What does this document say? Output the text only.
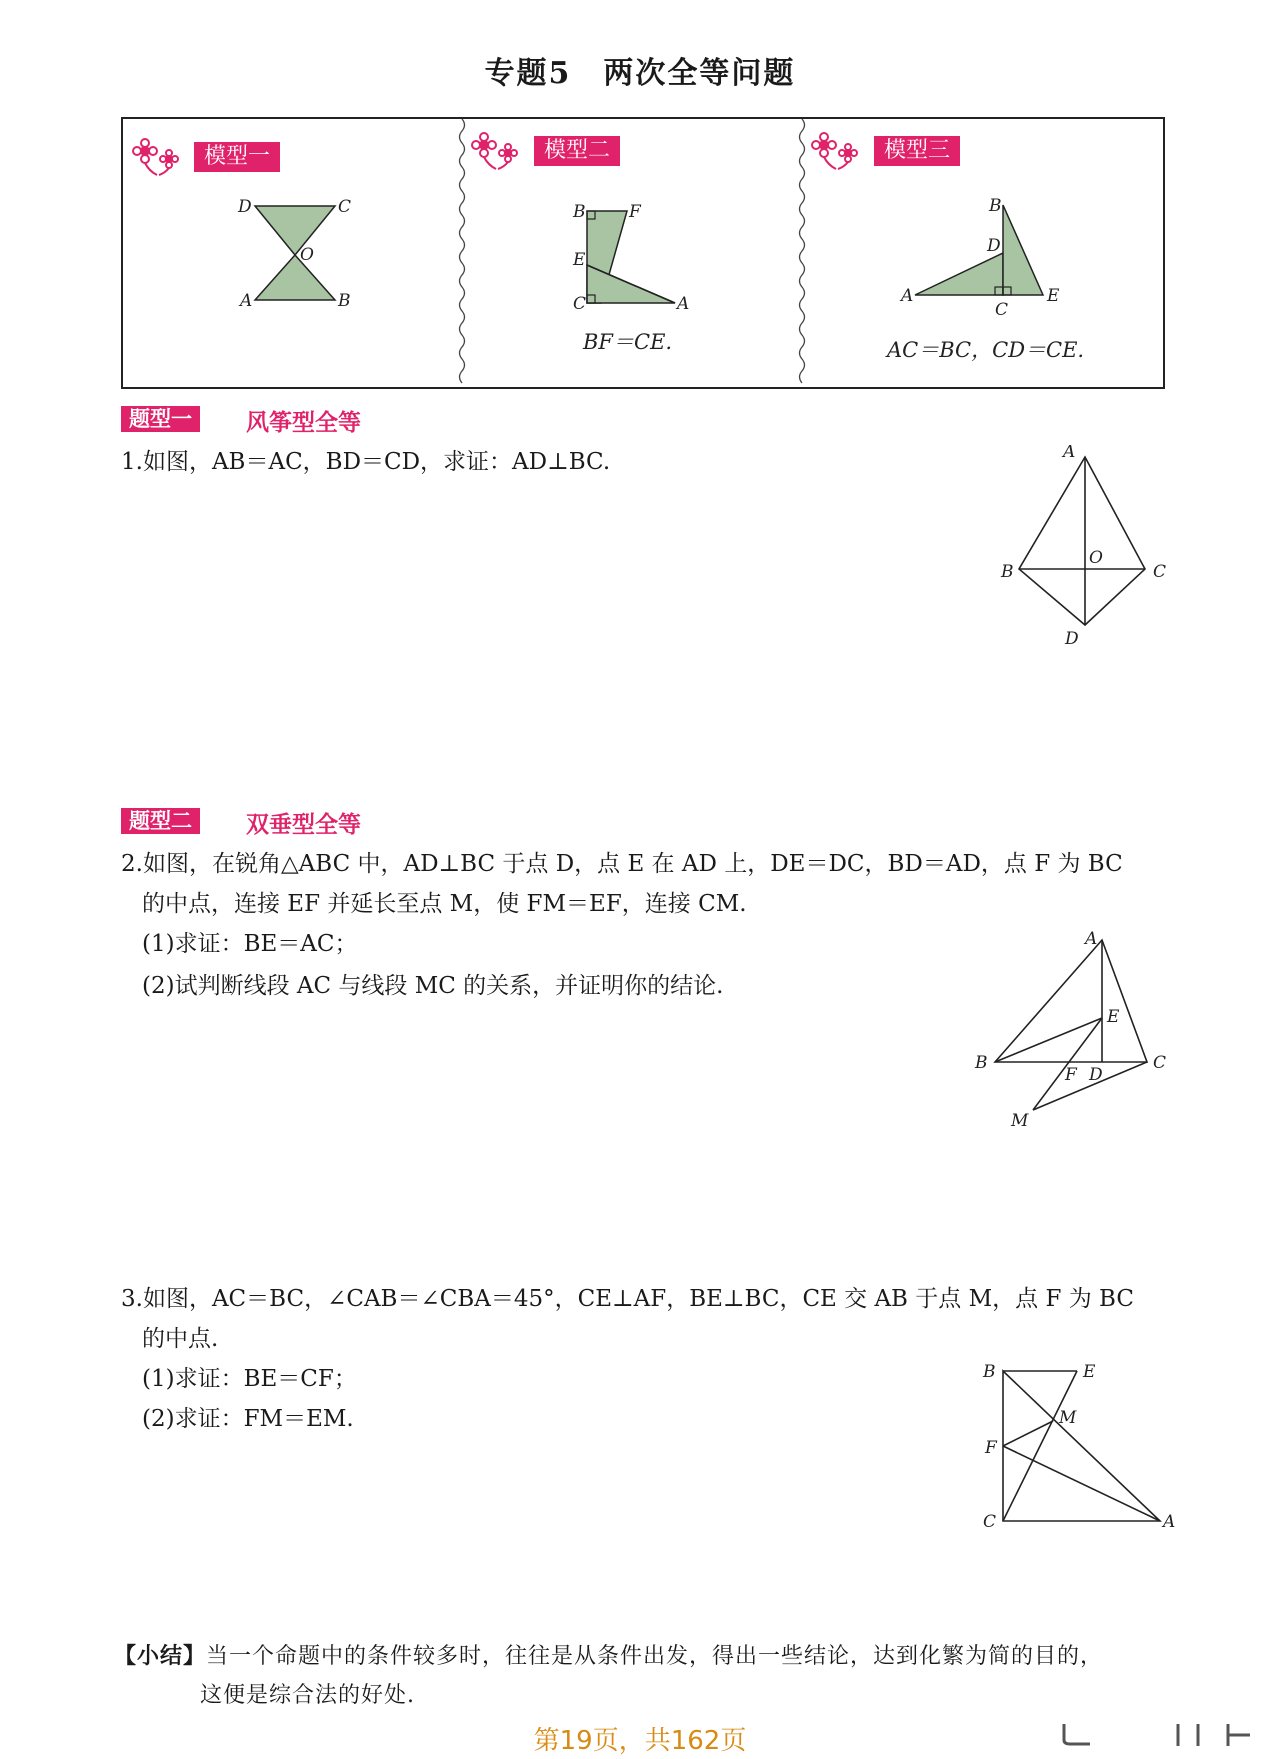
专题5　两次全等问题
模型一	模型二	模型三
D	C
O
A	B
B	F
E
C	A
BF＝CE.
B
D
A
C
E
AC＝BC，CD＝CE.
题型一	风筝型全等
1.如图，AB＝AC，BD＝CD，求证：AD⊥BC.	A
B
O
C
D
题型二	双垂型全等
2.如图，在锐角△ABC 中，AD⊥BC 于点 D，点 E 在 AD 上，DE＝DC，BD＝AD，点 F 为 BC
的中点，连接 EF 并延长至点 M，使 FM＝EF，连接 CM.
(1)求证：BE＝AC；
(2)试判断线段 AC 与线段 MC 的关系，并证明你的结论.
A
E
B
F D
C
M
3.如图，AC＝BC，∠CAB＝∠CBA＝45°，CE⊥AF，BE⊥BC，CE 交 AB 于点 M，点 F 为 BC
的中点.
(1)求证：BE＝CF；
(2)求证：FM＝EM.
B	E
M
F
C	A
【小结】当一个命题中的条件较多时，往往是从条件出发，得出一些结论，达到化繁为简的目的，
这便是综合法的好处.
第19页，共162页
